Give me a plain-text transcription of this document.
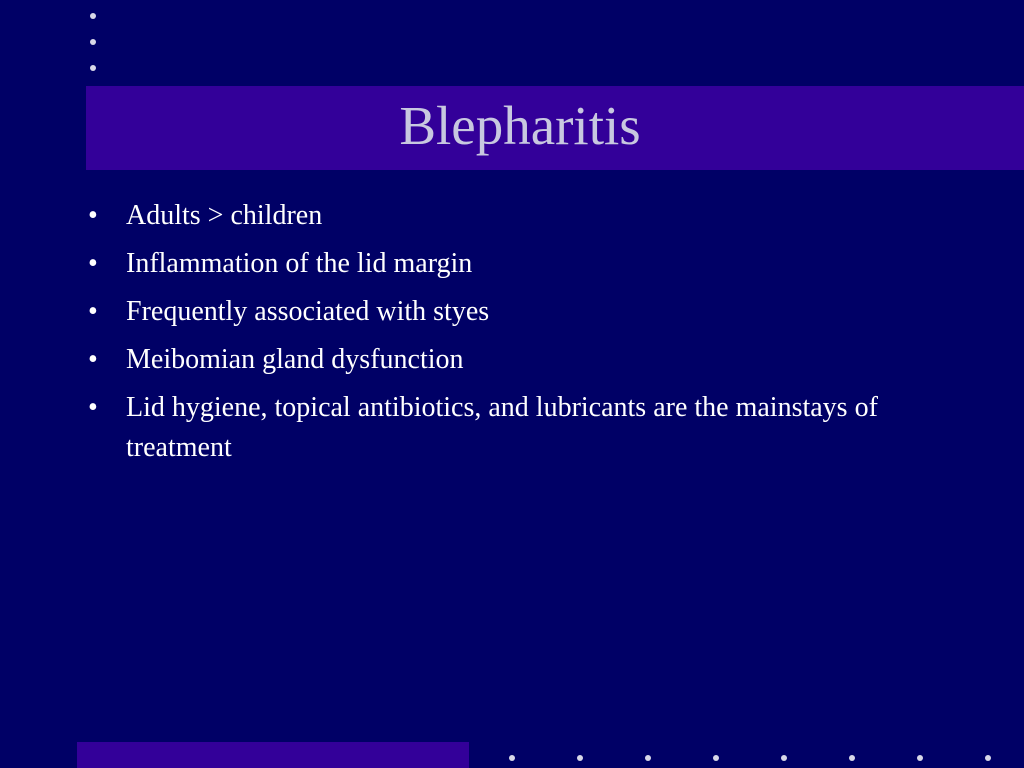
Blepharitis
•	Adults > children
•	Inflammation of the lid margin
•	Frequently associated with styes
•	Meibomian gland dysfunction
•	Lid hygiene, topical antibiotics, and lubricants are the mainstays of treatment
